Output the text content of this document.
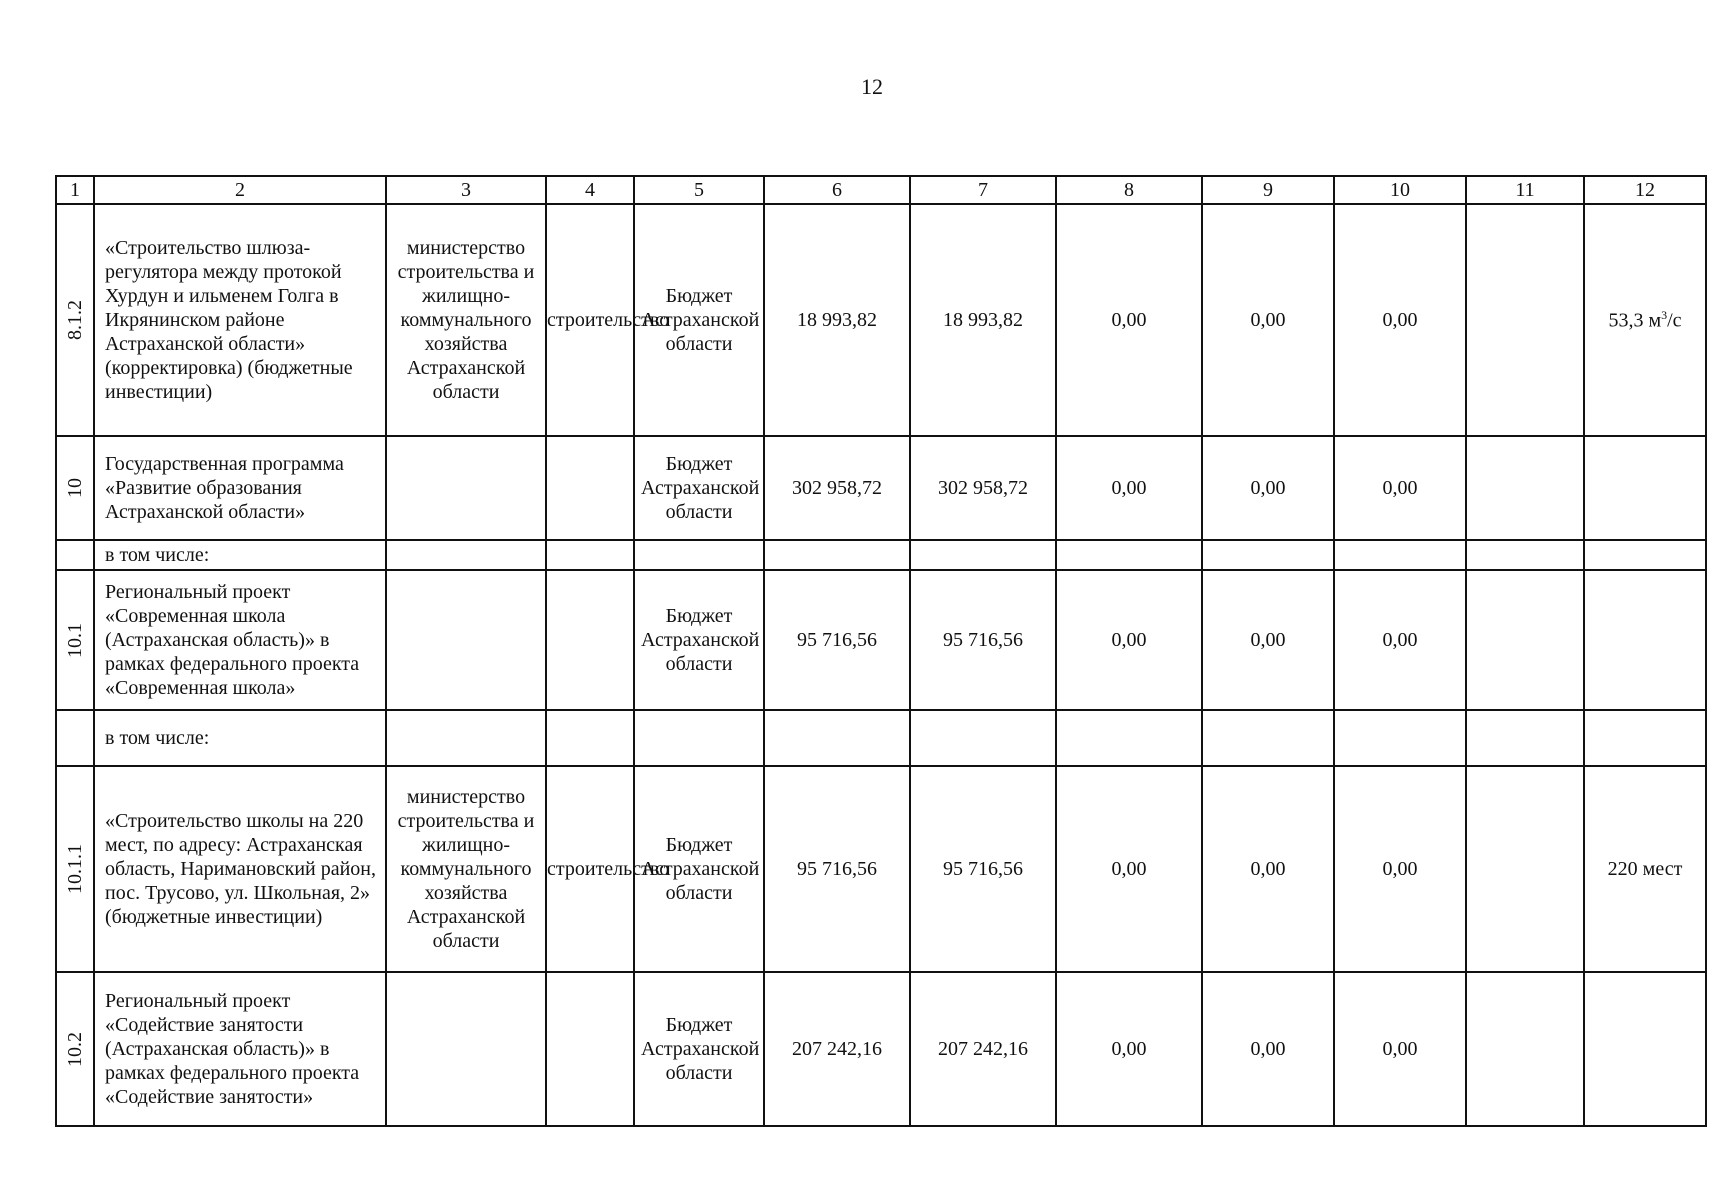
12
1	2	3	4	5	6	7	8	9	10	11	12

8.1.2	«Строительство шлюза-регулятора между протокой Хурдун и ильменем Голга в Икрянинском районе Астраханской области» (корректировка) (бюджетные инвестиции)	министерство строительства и жилищно-коммунального хозяйства Астраханской области	строительство	Бюджет Астраханской области	18 993,82	18 993,82	0,00	0,00	0,00		53,3 $м^3/с$

10	Государственная программа «Развитие образования Астраханской области»			Бюджет Астраханской области	302 958,72	302 958,72	0,00	0,00	0,00		
	в том числе:										

10.1	Региональный проект «Современная школа (Астраханская область)» в рамках федерального проекта «Современная школа»			Бюджет Астраханской области	95 716,56	95 716,56	0,00	0,00	0,00		
	в том числе:										

10.1.1	«Строительство школы на 220 мест, по адресу: Астраханская область, Наримановский район, пос. Трусово, ул. Школьная, 2» (бюджетные инвестиции)	министерство строительства и жилищно-коммунального хозяйства Астраханской области	строительство	Бюджет Астраханской области	95 716,56	95 716,56	0,00	0,00	0,00		220 мест

10.2	Региональный проект «Содействие занятости (Астраханская область)» в рамках федерального проекта «Содействие занятости»			Бюджет Астраханской области	207 242,16	207 242,16	0,00	0,00	0,00		
